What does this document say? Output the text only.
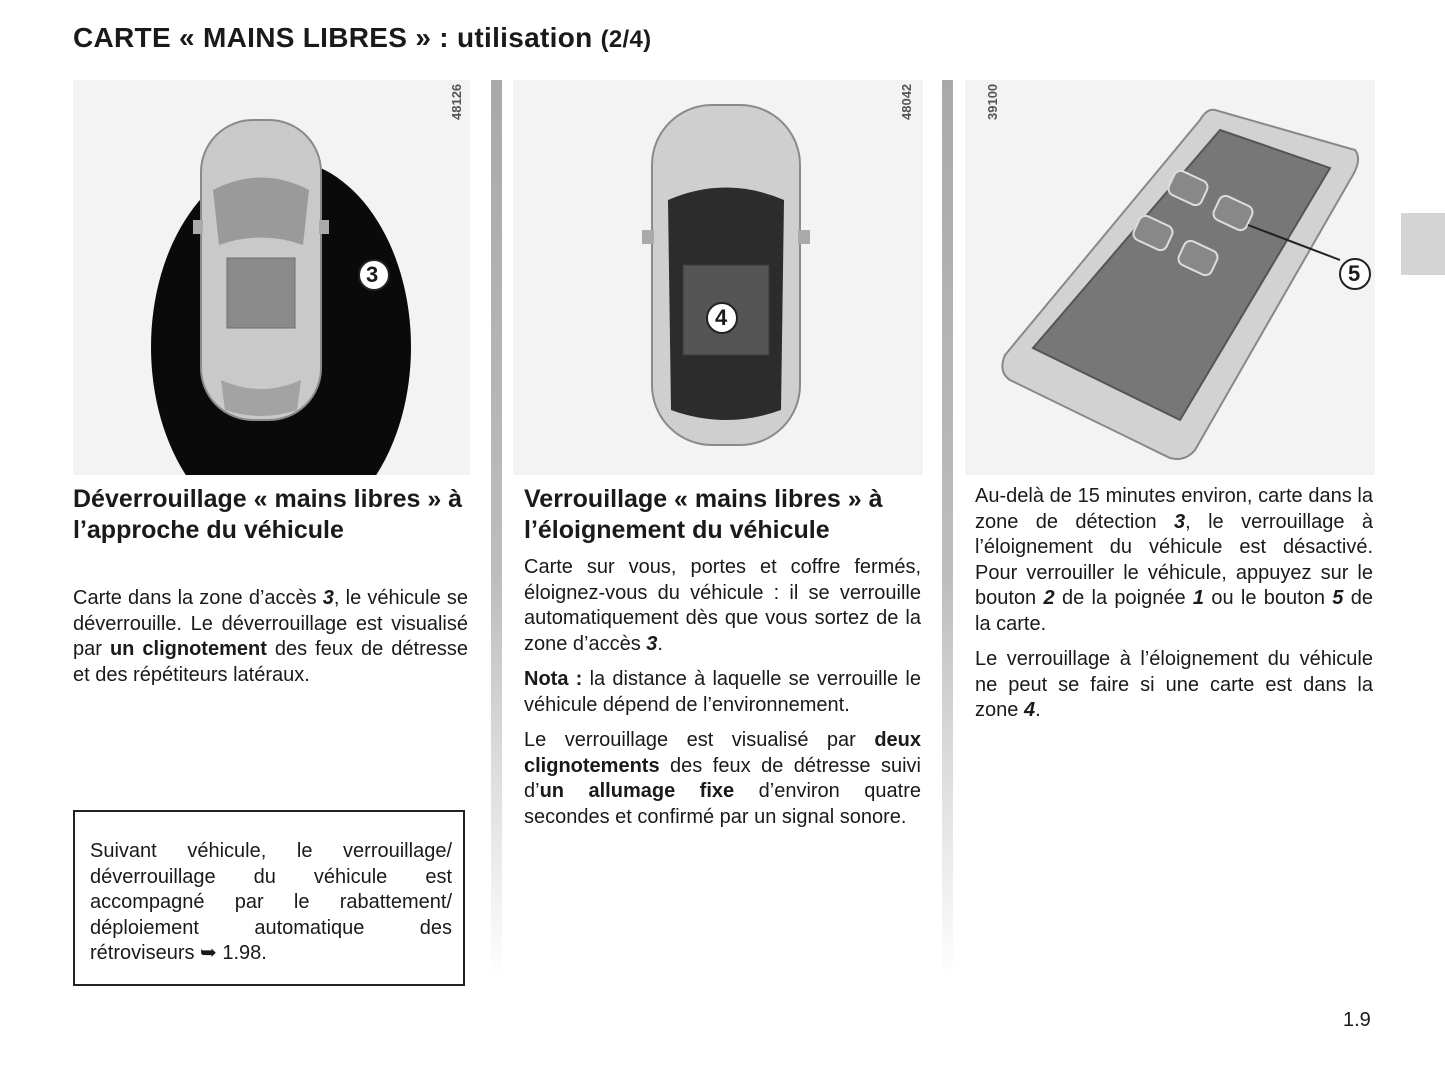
CARTE « MAINS LIBRES » : utilisation (2/4)
48126
3
48042
4
39100
5
Déverrouillage « mains libres » à l’approche du véhicule

Carte dans la zone d’accès 3, le véhicule se déverrouille. Le déverrouillage est visualisé par un clignotement des feux de détresse et des répétiteurs latéraux.

Suivant véhicule, le verrouillage/ déverrouillage du véhicule est accompagné par le rabattement/ déploiement automatique des rétroviseurs ➥ 1.98.
Verrouillage « mains libres » à l’éloignement du véhicule

Carte sur vous, portes et coffre fermés, éloignez-vous du véhicule : il se verrouille automatiquement dès que vous sortez de la zone d’accès 3.

Nota : la distance à laquelle se verrouille le véhicule dépend de l’environnement.

Le verrouillage est visualisé par deux clignotements des feux de détresse suivi d’un allumage fixe d’environ quatre secondes et confirmé par un signal sonore.

Au-delà de 15 minutes environ, carte dans la zone de détection 3, le verrouillage à l’éloignement du véhicule est désactivé. Pour verrouiller le véhicule, appuyez sur le bouton 2 de la poignée 1 ou le bouton 5 de la carte.

Le verrouillage à l’éloignement du véhicule ne peut se faire si une carte est dans la zone 4.

1.9
